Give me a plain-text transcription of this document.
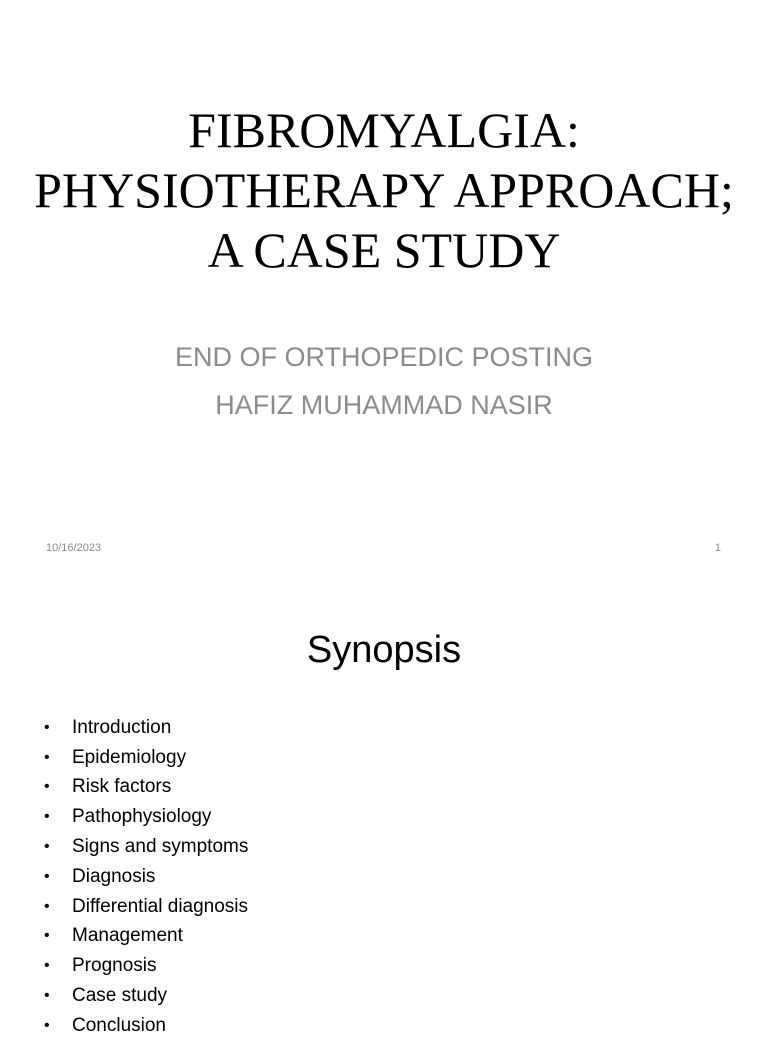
FIBROMYALGIA:
PHYSIOTHERAPY APPROACH;
A CASE STUDY
END OF ORTHOPEDIC POSTING
HAFIZ MUHAMMAD NASIR
10/16/2023	1
Synopsis
•	Introduction
•	Epidemiology
•	Risk factors
•	Pathophysiology
•	Signs and symptoms
•	Diagnosis
•	Differential diagnosis
•	Management
•	Prognosis
•	Case study
•	Conclusion
